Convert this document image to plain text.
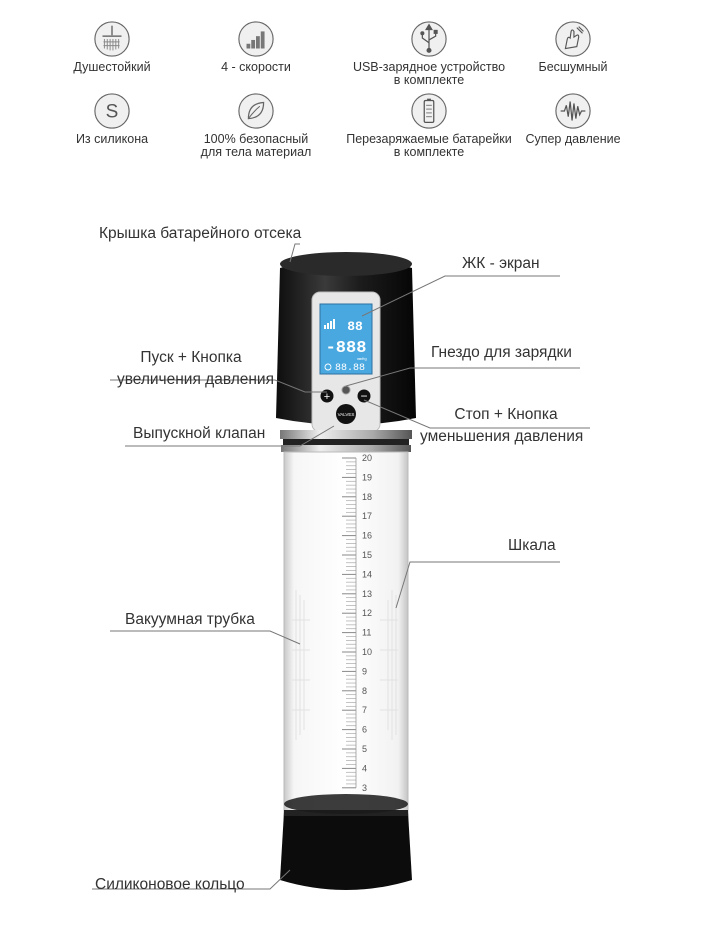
Душестойкий	4 - скорости	USB-зарядное устройство
в комплекте
Бесшумный
S
Из силикона	100% безопасный
для тела материал
Перезаряжаемые батарейки
в комплекте
Супер давление
88
-888
mmHg
88.88
+	−
VALVES
20
19
18
17
16
15
14
13
12
11
10
9
8
7
6
5
4
3
Крышка батарейного отсека
ЖК - экран
Пуск + Кнопка
увеличения давления
Гнездо для зарядки
Выпускной клапан
Стоп + Кнопка
уменьшения давления
Шкала
Вакуумная трубка
Силиконовое кольцо
